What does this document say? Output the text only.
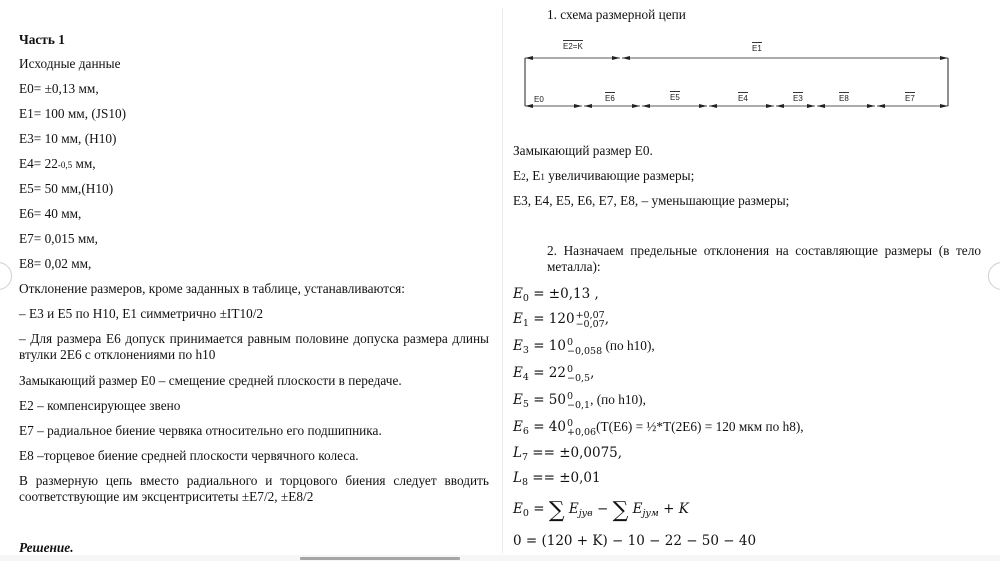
Часть 1
Исходные данные
E0= ±0,13 мм,
E1= 100 мм, (JS10)
E3= 10 мм, (H10)
E4= 22-0,5 мм,
E5= 50 мм,(H10)
E6= 40 мм,
E7= 0,015 мм,
E8= 0,02 мм,
Отклонение размеров, кроме заданных в таблице, устанавливаются:
– E3 и E5 по H10, E1 симметрично ±IT10/2
– Для размера E6 допуск принимается равным половине допуска размера длины втулки 2E6 с отклонениями по h10
Замыкающий размер E0 – смещение средней плоскости в передаче.
E2 – компенсирующее звено
E7 – радиальное биение червяка относительно его подшипника.
E8 –торцевое биение средней плоскости червячного колеса.
В размерную цепь вместо радиального и торцового биения следует вводить соответствующие им эксцентриситеты ±E7/2, ±E8/2
Решение.
1. схема размерной цепи
E2=K	E1
E0	E6	E5	E4	E3	E8	E7
Замыкающий размер E0.
E2, E1 увеличивающие размеры;
E3, E4, E5, E6, E7, E8, – уменьшающие размеры;
2. Назначаем предельные отклонения на составляющие размеры (в тело металла):
$E_0 = \pm 0,13$ ,
$E_1 = 120 +0,07$
−0,07 ,
$E_3 = 10$ 0
−0,058 (по h10),
$E_4 = 22$ 0
−0,5 ,
$E_5 = 50$ 0
−0,1 , (по h10),
$E_6 = 40$ 0
+0,06 (T(E6) = ½*T(2E6) = 120 мкм по h8),
$L_7 == \pm 0,0075$,
$L_8 == \pm 0,01$
$E_0$ = ∑ $E_{jув}$ − ∑ $E_{jум} + K$
0 = (120 + K) − 10 − 22 − 50 − 40
